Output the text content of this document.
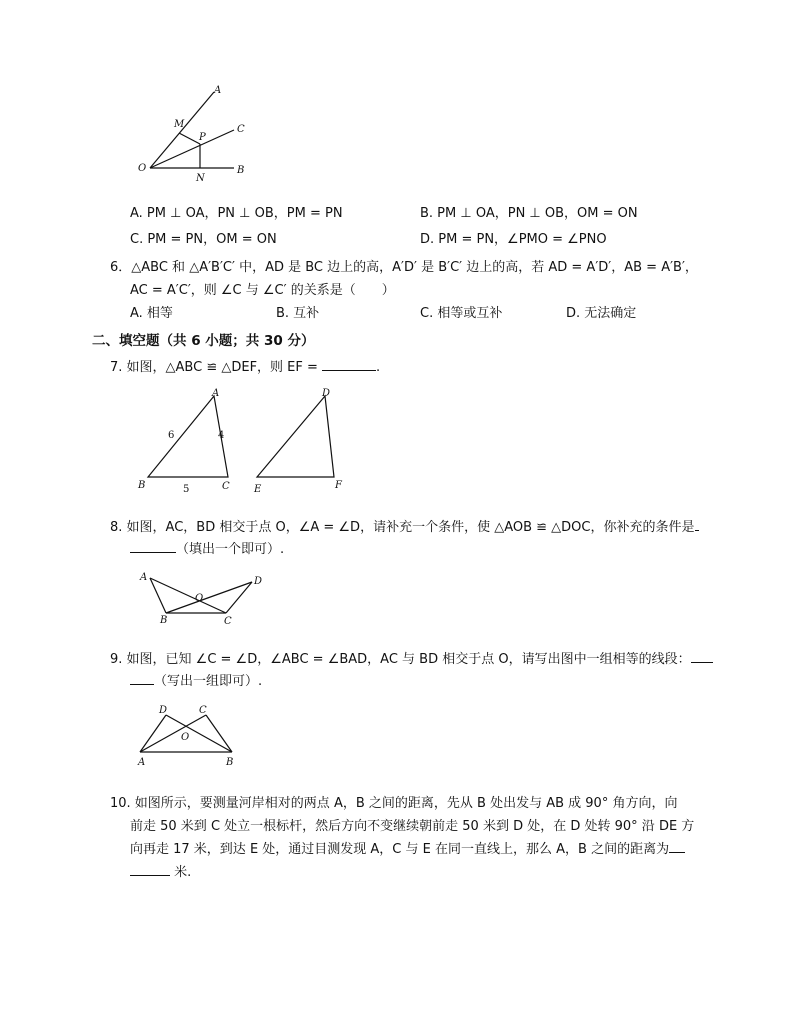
A
M
P
C
O
N
B
A. PM ⊥ OA，PN ⊥ OB，PM = PN	B. PM ⊥ OA，PN ⊥ OB，OM = ON
C. PM = PN，OM = ON	D. PM = PN，∠PMO = ∠PNO
6．△ABC 和 △A′B′C′ 中，AD 是 BC 边上的高，A′D′ 是 B′C′ 边上的高，若 AD = A′D′，AB = A′B′，
AC = A′C′，则 ∠C 与 ∠C′ 的关系是（　　）
A. 相等	B. 互补	C. 相等或互补	D. 无法确定
二、填空题（共 6 小题；共 30 分）
7. 如图，△ABC ≌ △DEF，则 EF =	.
A
B	C
D
E	F
6	4
5
8. 如图，AC，BD 相交于点 O，∠A = ∠D，请补充一个条件，使 △AOB ≌ △DOC，你补充的条件是
（填出一个即可）.
A	D
O
B	C
9. 如图，已知 ∠C = ∠D，∠ABC = ∠BAD，AC 与 BD 相交于点 O，请写出图中一组相等的线段：
（写出一组即可）.
D	C
O
A	B
10. 如图所示，要测量河岸相对的两点 A，B 之间的距离，先从 B 处出发与 AB 成 90° 角方向，向
前走 50 米到 C 处立一根标杆，然后方向不变继续朝前走 50 米到 D 处，在 D 处转 90° 沿 DE 方
向再走 17 米，到达 E 处，通过目测发现 A，C 与 E 在同一直线上，那么 A，B 之间的距离为
米.
